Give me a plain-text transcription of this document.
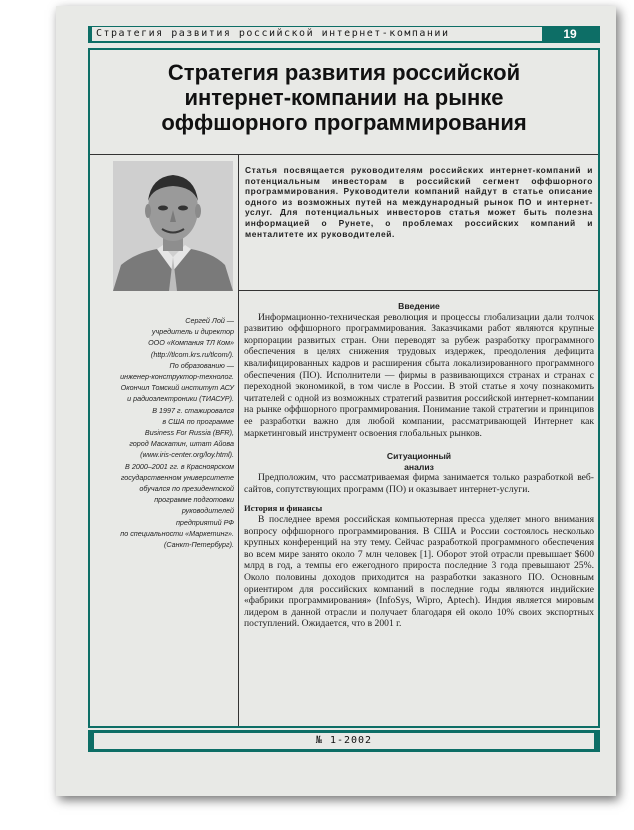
Стратегия развития российской интернет-компании	19
Стратегия развития российской
интернет-компании на рынке
оффшорного программирования
Статья посвящается руководителям российских интернет-компаний и потенциальным инвесторам в российский сегмент оффшорного программирования. Руководители компаний найдут в статье описание одного из возможных путей на международный рынок ПО и интернет-услуг. Для потенциальных инвесторов статья может быть полезна информацией о Рунете, о проблемах российских компаний и менталитете их руководителей.
Сергей Лой —
учредитель и директор
ООО «Компания ТЛ Ком»
(http://tlcom.krs.ru/tlcom/).
По образованию —
инженер-конструктор-технолог.
Окончил Томский институт АСУ
и радиоэлектроники (ТИАСУР).
В 1997 г. стажировался
в США по программе
Business For Russia (BFR),
город Маскатин, штат Айова
(www.iris-center.org/loy.html).
В 2000–2001 гг. в Красноярском
государственном университете
обучался по президентской
программе подготовки
руководителей
предприятий РФ
по специальности «Маркетинг».
(Санкт-Петербург).
Введение

Информационно-техническая революция и процессы глобализации дали толчок развитию оффшорного программирования. Заказчиками работ являются крупные корпорации развитых стран. Они переводят за рубеж разработку программного обеспечения в целях снижения трудовых издержек, преодоления дефицита квалифицированных кадров и расширения сбыта локализированного программного обеспечения (ПО). Исполнители — фирмы в развивающихся странах и странах с переходной экономикой, в том числе в России. В этой статье я хочу познакомить читателей с одной из возможных стратегий развития российской интернет-компании на рынке оффшорного программирования. Понимание такой стратегии и принципов ее разработки важно для любой компании, рассматривающей Интернет как маркетинговый инструмент освоения глобальных рынков.

Ситуационный
анализ

Предположим, что рассматриваемая фирма занимается только разработкой веб-сайтов, сопутствующих программ (ПО) и оказывает интернет-услуги.

История и финансы

В последнее время российская компьютерная пресса уделяет много внимания вопросу оффшорного программирования. В США и России состоялось несколько крупных конференций на эту тему. Сейчас разработкой программного обеспечения во всем мире занято около 7 млн человек [1]. Оборот этой отрасли превышает $600 млрд в год, а темпы его ежегодного прироста последние 3 года превышают 25%. Около половины доходов приходится на разработки заказного ПО. Основным ориентиром для российских компаний в последние годы являются индийские «фабрики программирования» (InfoSys, Wipro, Aptech). Индия является мировым лидером в данной отрасли и получает благодаря ей около 10% своих экспортных поступлений. Ожидается, что в 2001 г.

№ 1-2002
